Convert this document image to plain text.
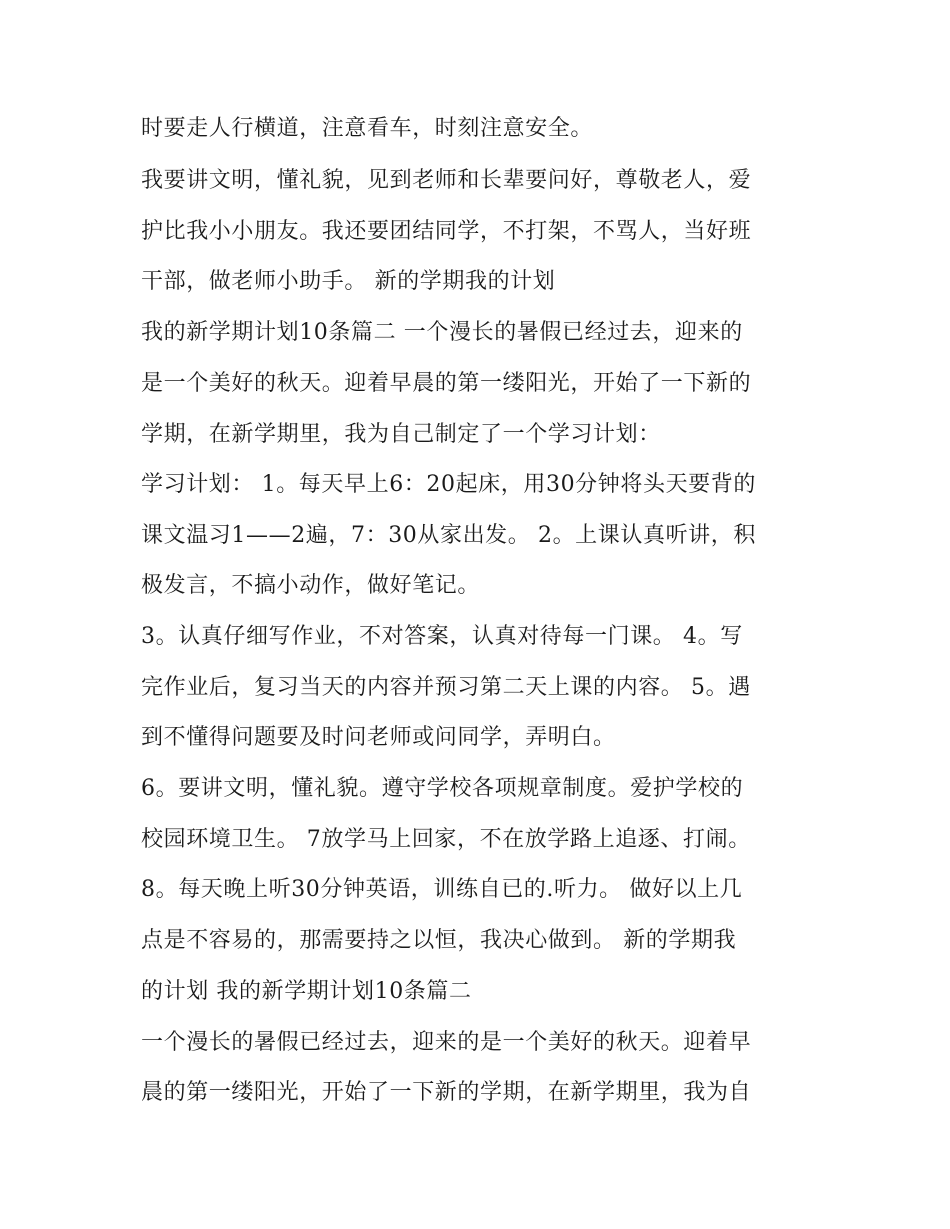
时要走人行横道，注意看车，时刻注意安全。
我要讲文明，懂礼貌，见到老师和长辈要问好，尊敬老人，爱
护比我小小朋友。我还要团结同学，不打架，不骂人，当好班
干部，做老师小助手。 新的学期我的计划
我的新学期计划10条篇二 一个漫长的暑假已经过去，迎来的
是一个美好的秋天。迎着早晨的第一缕阳光，开始了一下新的
学期，在新学期里，我为自己制定了一个学习计划：
学习计划： 1。每天早上6：20起床，用30分钟将头天要背的
课文温习1——2遍，7：30从家出发。 2。上课认真听讲，积
极发言，不搞小动作，做好笔记。
3。认真仔细写作业，不对答案，认真对待每一门课。 4。写
完作业后，复习当天的内容并预习第二天上课的内容。 5。遇
到不懂得问题要及时问老师或问同学，弄明白。
6。要讲文明，懂礼貌。遵守学校各项规章制度。爱护学校的
校园环境卫生。 7放学马上回家，不在放学路上追逐、打闹。
8。每天晚上听30分钟英语，训练自已的.听力。 做好以上几
点是不容易的，那需要持之以恒，我决心做到。 新的学期我
的计划 我的新学期计划10条篇二
一个漫长的暑假已经过去，迎来的是一个美好的秋天。迎着早
晨的第一缕阳光，开始了一下新的学期，在新学期里，我为自
